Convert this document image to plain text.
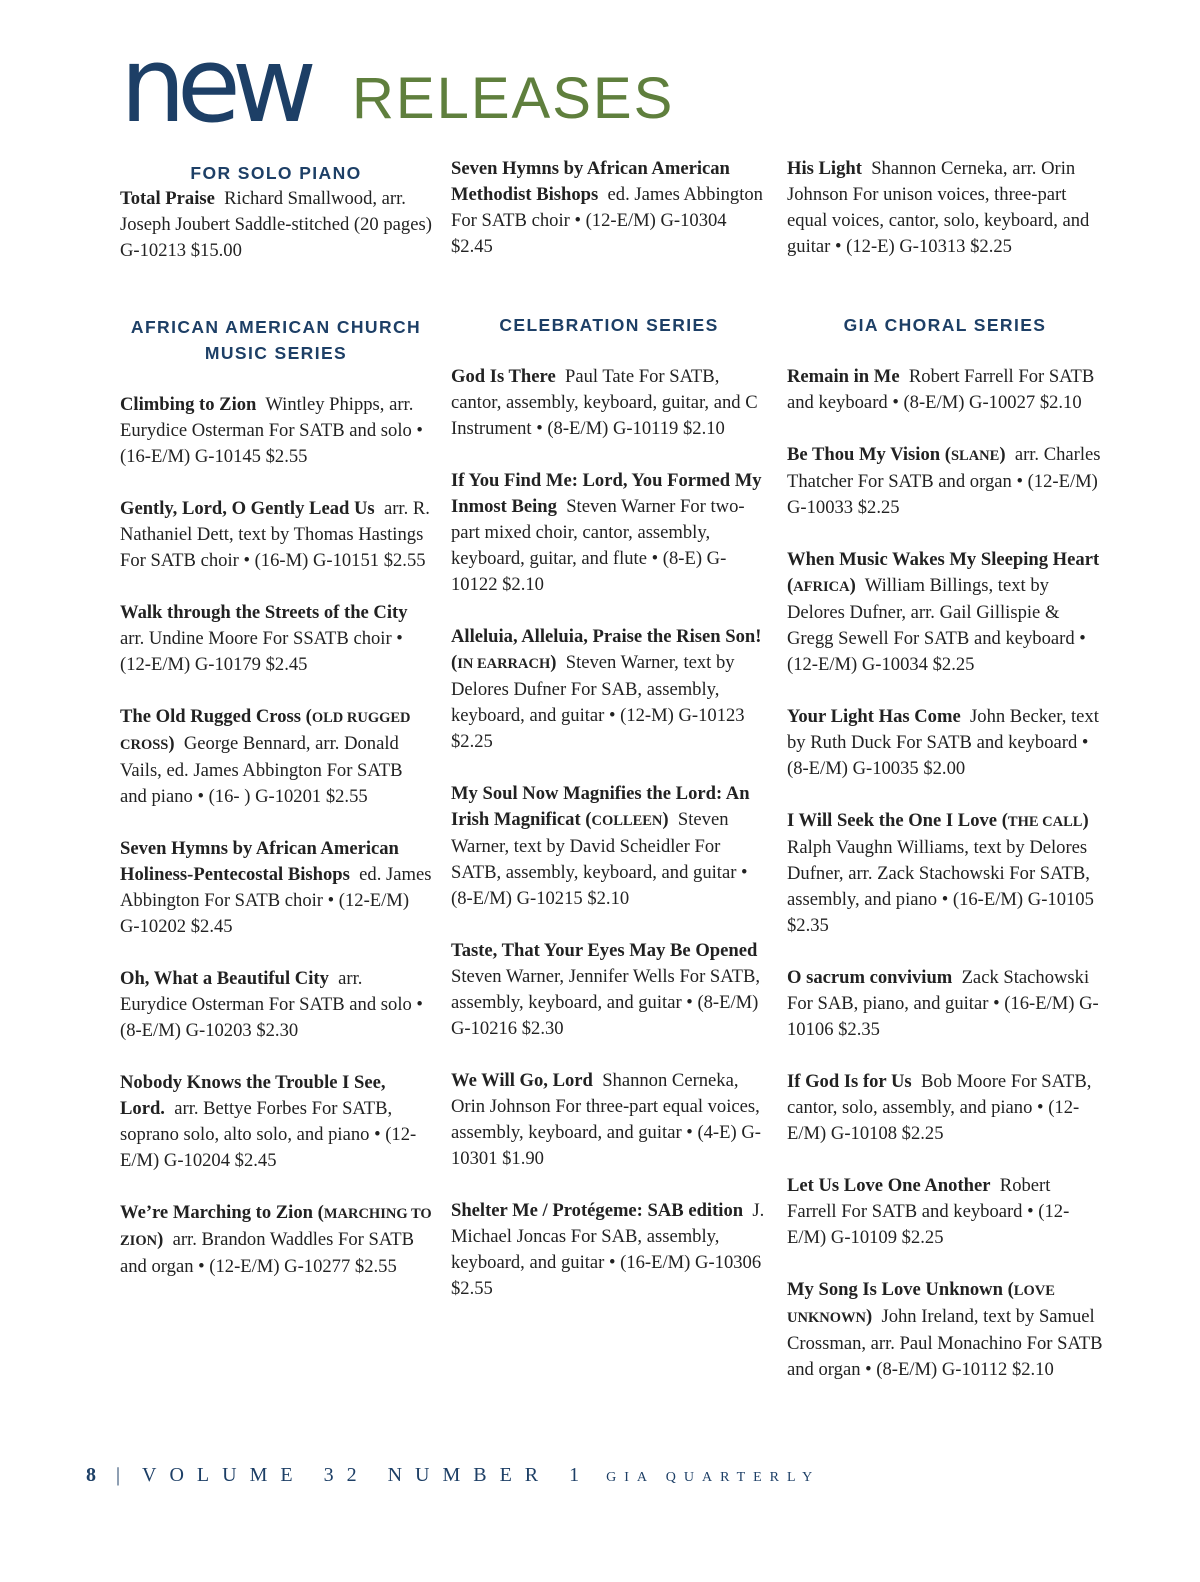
new RELEASES
FOR SOLO PIANO

Total Praise Richard Smallwood, arr. Joseph Joubert Saddle-stitched (20 pages) G-10213 $15.00

AFRICAN AMERICAN CHURCH MUSIC SERIES

Climbing to Zion Wintley Phipps, arr. Eurydice Osterman For SATB and solo • (16-E/M) G-10145 $2.55

Gently, Lord, O Gently Lead Us arr. R. Nathaniel Dett, text by Thomas Hastings For SATB choir • (16-M) G-10151 $2.55

Walk through the Streets of the City  arr. Undine Moore For SSATB choir • (12-E/M) G-10179 $2.45

The Old Rugged Cross (OLD RUGGED CROSS) George Bennard, arr. Donald Vails, ed. James Abbington For SATB and piano • (16- ) G-10201 $2.55

Seven Hymns by African American Holiness-Pentecostal Bishops ed. James Abbington For SATB choir • (12-E/M) G-10202 $2.45

Oh, What a Beautiful City arr. Eurydice Osterman For SATB and solo • (8-E/M) G-10203 $2.30

Nobody Knows the Trouble I See, Lord. arr. Bettye Forbes For SATB, soprano solo, alto solo, and piano • (12-E/M) G-10204 $2.45

We’re Marching to Zion (MARCHING TO ZION) arr. Brandon Waddles For SATB and organ • (12-E/M) G-10277 $2.55

Seven Hymns by African American Methodist Bishops ed. James Abbington For SATB choir • (12-E/M) G-10304 $2.45

CELEBRATION SERIES

God Is There Paul Tate For SATB, cantor, assembly, keyboard, guitar, and C Instrument • (8-E/M) G-10119 $2.10

If You Find Me: Lord, You Formed My Inmost Being Steven Warner For two-part mixed choir, cantor, assembly, keyboard, guitar, and flute • (8-E) G-10122 $2.10

Alleluia, Alleluia, Praise the Risen Son! (IN EARRACH) Steven Warner, text by Delores Dufner For SAB, assembly, keyboard, and guitar • (12-M) G-10123 $2.25

My Soul Now Magnifies the Lord: An Irish Magnificat (COLLEEN) Steven Warner, text by David Scheidler For SATB, assembly, keyboard, and guitar • (8-E/M) G-10215 $2.10

Taste, That Your Eyes May Be Opened  Steven Warner, Jennifer Wells For SATB, assembly, keyboard, and guitar • (8-E/M) G-10216 $2.30

We Will Go, Lord Shannon Cerneka, Orin Johnson For three-part equal voices, assembly, keyboard, and guitar • (4-E) G-10301 $1.90

Shelter Me / Protégeme: SAB edition J. Michael Joncas For SAB, assembly, keyboard, and guitar • (16-E/M) G-10306 $2.55

His Light Shannon Cerneka, arr. Orin Johnson For unison voices, three-part equal voices, cantor, solo, keyboard, and guitar • (12-E) G-10313 $2.25

GIA CHORAL SERIES

Remain in Me Robert Farrell For SATB and keyboard • (8-E/M) G-10027 $2.10

Be Thou My Vision (SLANE) arr. Charles Thatcher For SATB and organ • (12-E/M) G-10033 $2.25

When Music Wakes My Sleeping Heart (AFRICA) William Billings, text by Delores Dufner, arr. Gail Gillispie & Gregg Sewell For SATB and keyboard • (12-E/M) G-10034 $2.25

Your Light Has Come John Becker, text by Ruth Duck For SATB and keyboard • (8-E/M) G-10035 $2.00

I Will Seek the One I Love (THE CALL)  Ralph Vaughn Williams, text by Delores Dufner, arr. Zack Stachowski For SATB, assembly, and piano • (16-E/M) G-10105 $2.35

O sacrum convivium Zack Stachowski For SAB, piano, and guitar • (16-E/M) G-10106 $2.35

If God Is for Us Bob Moore For SATB, cantor, solo, assembly, and piano • (12-E/M) G-10108 $2.25

Let Us Love One Another Robert Farrell For SATB and keyboard • (12-E/M) G-10109 $2.25

My Song Is Love Unknown (LOVE UNKNOWN) John Ireland, text by Samuel Crossman, arr. Paul Monachino For SATB and organ • (8-E/M) G-10112 $2.10

8 | VOLUME 32 NUMBER 1 GIA QUARTERLY
